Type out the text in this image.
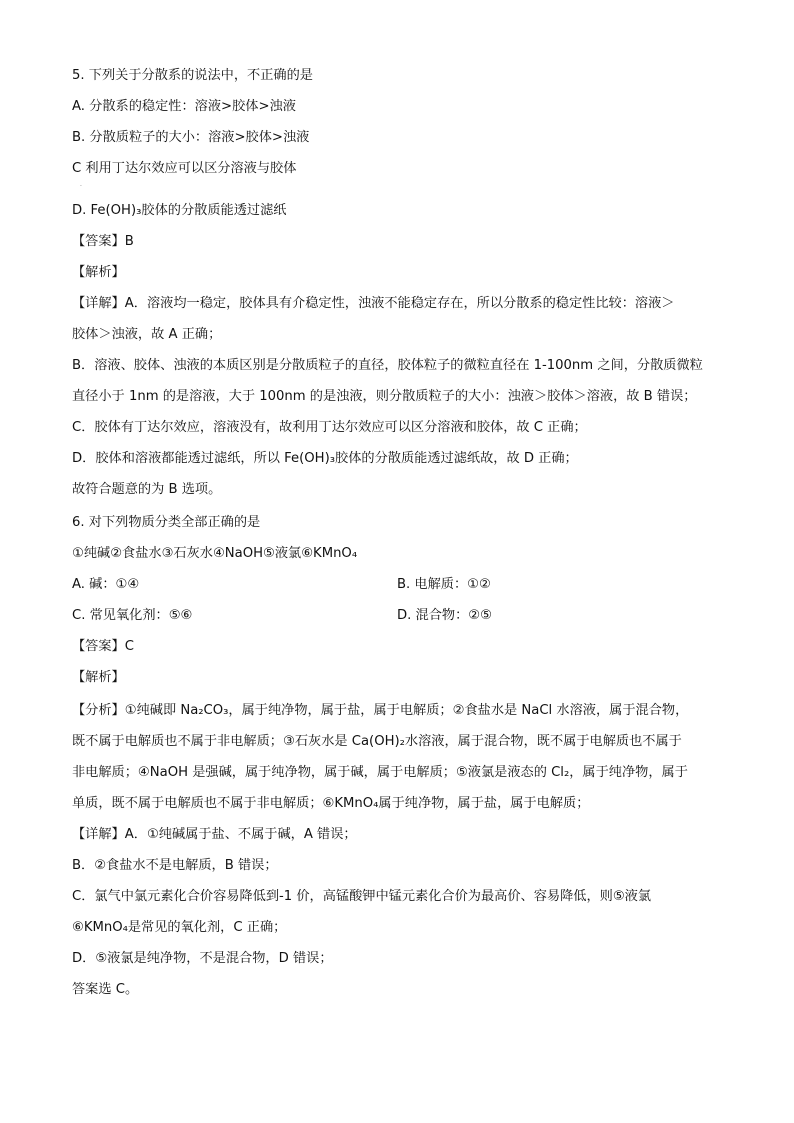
5. 下列关于分散系的说法中，不正确的是
A. 分散系的稳定性：溶液>胶体>浊液
B. 分散质粒子的大小：溶液>胶体>浊液
C 利用丁达尔效应可以区分溶液与胶体
·
D. Fe(OH)₃胶体的分散质能透过滤纸
【答案】B
【解析】
【详解】A．溶液均一稳定，胶体具有介稳定性，浊液不能稳定存在，所以分散系的稳定性比较：溶液＞
胶体＞浊液，故 A 正确；
B．溶液、胶体、浊液的本质区别是分散质粒子的直径，胶体粒子的微粒直径在 1-100nm 之间，分散质微粒
直径小于 1nm 的是溶液，大于 100nm 的是浊液，则分散质粒子的大小：浊液＞胶体＞溶液，故 B 错误；
C．胶体有丁达尔效应，溶液没有，故利用丁达尔效应可以区分溶液和胶体，故 C 正确；
D．胶体和溶液都能透过滤纸，所以 Fe(OH)₃胶体的分散质能透过滤纸故，故 D 正确；
故符合题意的为 B 选项。
6. 对下列物质分类全部正确的是
①纯碱②食盐水③石灰水④NaOH⑤液氯⑥KMnO₄
A. 碱：①④	B. 电解质：①②
C. 常见氧化剂：⑤⑥	D. 混合物：②⑤
【答案】C
【解析】
【分析】①纯碱即 Na₂CO₃，属于纯净物，属于盐，属于电解质；②食盐水是 NaCl 水溶液，属于混合物，
既不属于电解质也不属于非电解质；③石灰水是 Ca(OH)₂水溶液，属于混合物，既不属于电解质也不属于
非电解质；④NaOH 是强碱，属于纯净物，属于碱，属于电解质；⑤液氯是液态的 Cl₂，属于纯净物，属于
单质，既不属于电解质也不属于非电解质；⑥KMnO₄属于纯净物，属于盐，属于电解质；
【详解】A．①纯碱属于盐、不属于碱，A 错误；
B．②食盐水不是电解质，B 错误；
C．氯气中氯元素化合价容易降低到-1 价，高锰酸钾中锰元素化合价为最高价、容易降低，则⑤液氯
⑥KMnO₄是常见的氧化剂，C 正确；
D．⑤液氯是纯净物，不是混合物，D 错误；
答案选 C。
